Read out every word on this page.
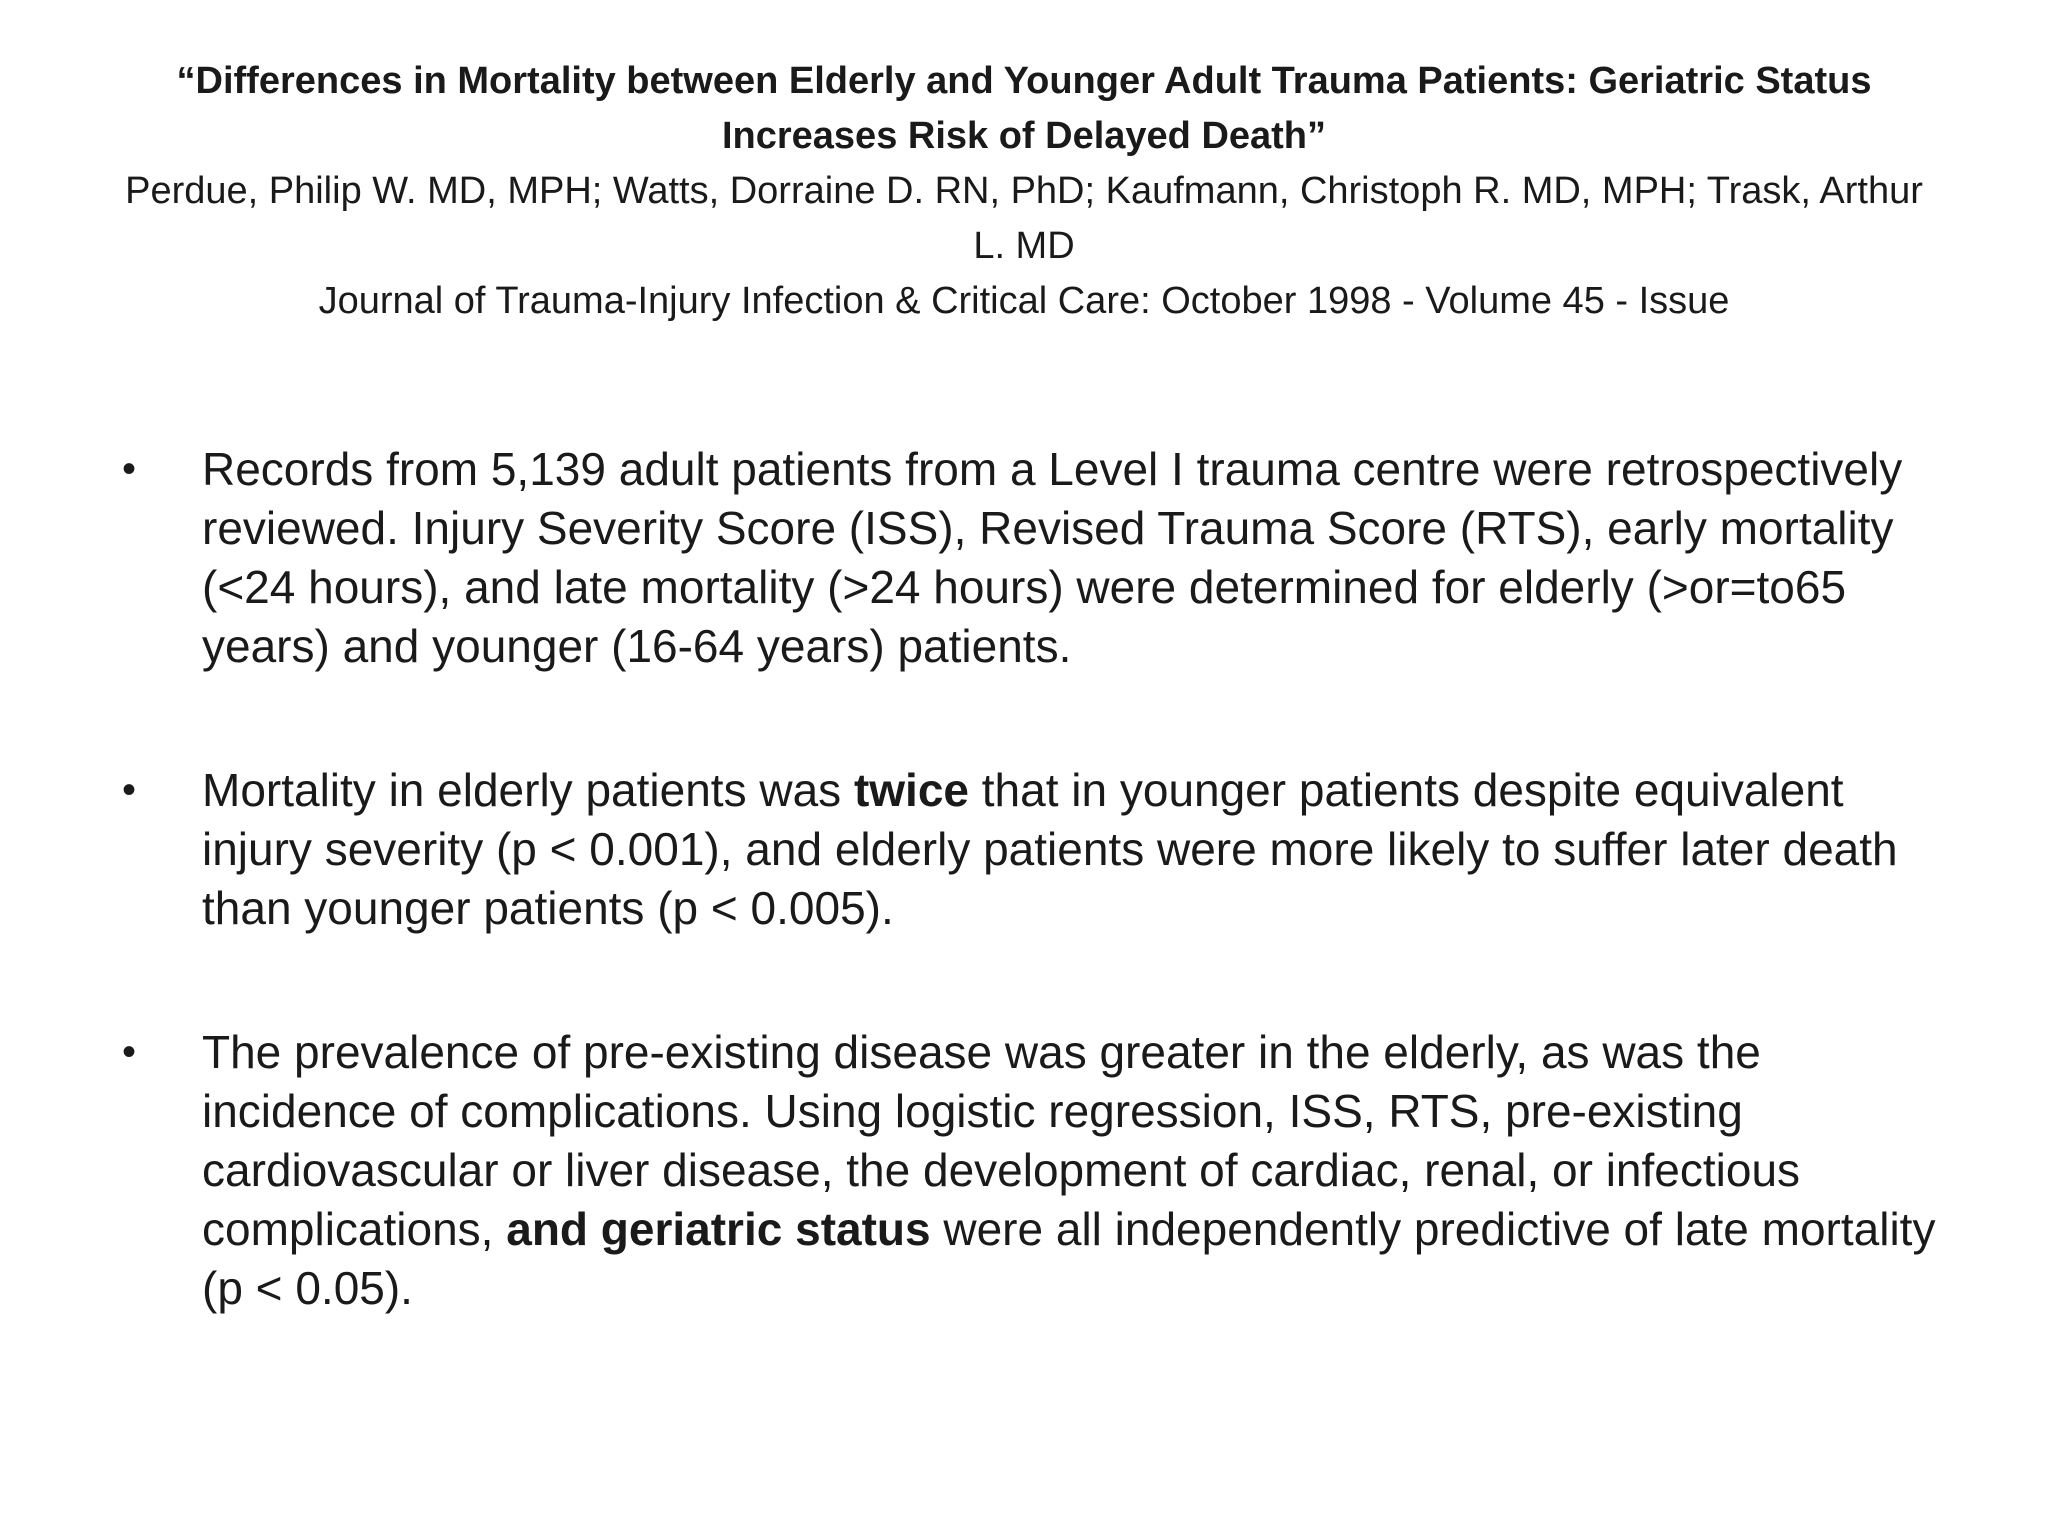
“Differences in Mortality between Elderly and Younger Adult Trauma Patients: Geriatric Status Increases Risk of Delayed Death”

Perdue, Philip W. MD, MPH; Watts, Dorraine D. RN, PhD; Kaufmann, Christoph R. MD, MPH; Trask, Arthur L. MD

Journal of Trauma-Injury Infection & Critical Care: October 1998 - Volume 45 - Issue

• Records from 5,139 adult patients from a Level I trauma centre were retrospectively reviewed. Injury Severity Score (ISS), Revised Trauma Score (RTS), early mortality (<24 hours), and late mortality (>24 hours) were determined for elderly (>or=to65 years) and younger (16-64 years) patients.
• Mortality in elderly patients was twice that in younger patients despite equivalent injury severity (p < 0.001), and elderly patients were more likely to suffer later death than younger patients (p < 0.005).
• The prevalence of pre-existing disease was greater in the elderly, as was the incidence of complications. Using logistic regression, ISS, RTS, pre-existing cardiovascular or liver disease, the development of cardiac, renal, or infectious complications, and geriatric status were all independently predictive of late mortality (p < 0.05).
